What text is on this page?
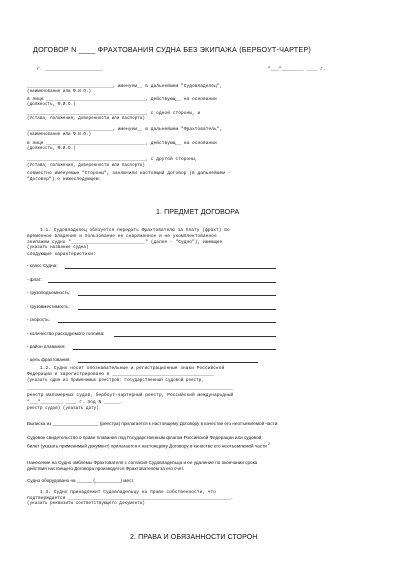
ДОГОВОР N ____ ФРАХТОВАНИЯ СУДНА БЕЗ ЭКИПАЖА (БЕРБОУТ-ЧАРТЕР)
г. _____________________	"___"________ ____ г.
_______________________________, именуем__ в дальнейшем "Судовладелец",
(наименование или Ф.И.О.)
в лице ____________________________________, действующ__ на основании
(должность, Ф.И.О.)
___________________________________________, с одной стороны, и
(Устава, положения, доверенности или паспорта)
_______________________________, именуем__ в дальнейшем "Фрахтователь",
(наименование или Ф.И.О.)
в лице ____________________________________, действующ__ на основании
(должность, Ф.И.О.)
___________________________________________, с другой стороны,
(Устава, положения, доверенности или паспорта)
совместно именуемые "Стороны", заключили настоящий договор (в дальнейшем -
"Договор") о нижеследующем:
1. ПРЕДМЕТ ДОГОВОРА
1.1. Судовладелец обязуется передать Фрахтователю за плату (фрахт) во
временное владение и пользование не снаряженное и не укомплектованное
экипажем судно "___________________________" (далее - "Судно"), имеющее
(указать название судна)
следующие характеристики:
- класс Судна:
- флаг:
- грузоподъемность:
- грузовместимость:
- скорость:
- количество расходуемого топлива:
- район плавания:
- цель фрахтования:
1.2. Судно носит опознавательные и регистрационные знаки Российской
Федерации и зарегистрировано в _____________________________________
(указать один из применимых реестров: Государственный судовой реестр,
___________________________________________________________________________
реестр маломерных судов, бербоут-чартерный реестр, Российский международный
"___"________ ____ г. под N ______.
реестр судов) (указать дату)
Выписка из __________________ (реестра) прилагается к настоящему Договору в качестве его неотъемлемой части.
Судовое свидетельство о праве плавания под Государственным флагом Российской Федерации или судовой
билет (указать применимый документ) прилагается к настоящему Договору в качестве его неотъемлемой части $^2$
Нанесение на Судно эмблемы Фрахтователя с согласия Судовладельца и ее удаление по окончании срока
действия настоящего Договора производятся Фрахтователем за его счет.
Судно оборудовано на ______ (__________) мест.
1.3. Судно принадлежит Судовладельцу на праве собственности, что
подтверждается ___________________________________________________________.
(указать реквизиты соответствующего документа)
2. ПРАВА И ОБЯЗАННОСТИ СТОРОН
